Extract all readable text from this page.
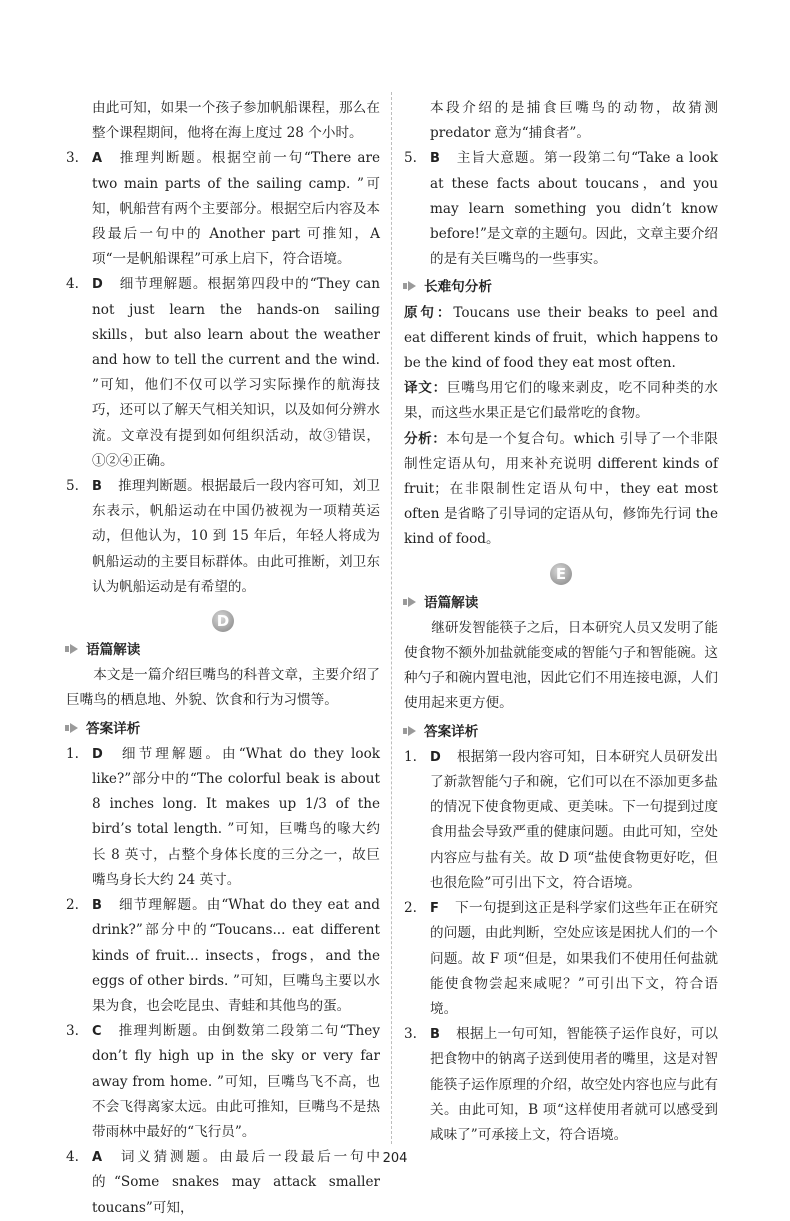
由此可知，如果一个孩子参加帆船课程，那么在整个课程期间，他将在海上度过 28 个小时。

3. A 推理判断题。根据空前一句“There are two main parts of the sailing camp. ”可知，帆船营有两个主要部分。根据空后内容及本段最后一句中的 Another part 可推知，A 项“一是帆船课程”可承上启下，符合语境。
4. D 细节理解题。根据第四段中的“They can not just learn the hands-on sailing skills，but also learn about the weather and how to tell the current and the wind. ”可知，他们不仅可以学习实际操作的航海技巧，还可以了解天气相关知识，以及如何分辨水流。文章没有提到如何组织活动，故③错误，①②④正确。
5. B 推理判断题。根据最后一段内容可知，刘卫东表示，帆船运动在中国仍被视为一项精英运动，但他认为，10 到 15 年后，年轻人将成为帆船运动的主要目标群体。由此可推断，刘卫东认为帆船运动是有希望的。
D
语篇解读

本文是一篇介绍巨嘴鸟的科普文章，主要介绍了巨嘴鸟的栖息地、外貌、饮食和行为习惯等。

答案详析
1. D 细节理解题。由“What do they look like?”部分中的“The colorful beak is about 8 inches long. It makes up 1/3 of the bird’s total length. ”可知，巨嘴鸟的喙大约长 8 英寸，占整个身体长度的三分之一，故巨嘴鸟身长大约 24 英寸。
2. B 细节理解题。由“What do they eat and drink?”部分中的“Toucans... eat different kinds of fruit... insects，frogs，and the eggs of other birds. ”可知，巨嘴鸟主要以水果为食，也会吃昆虫、青蛙和其他鸟的蛋。
3. C 推理判断题。由倒数第二段第二句“They don’t fly high up in the sky or very far away from home. ”可知，巨嘴鸟飞不高，也不会飞得离家太远。由此可推知，巨嘴鸟不是热带雨林中最好的“飞行员”。
4. A 词义猜测题。由最后一段最后一句中的“Some snakes may attack smaller toucans”可知，

本段介绍的是捕食巨嘴鸟的动物，故猜测 predator 意为“捕食者”。

5. B 主旨大意题。第一段第二句“Take a look at these facts about toucans，and you may learn something you didn’t know before!”是文章的主题句。因此，文章主要介绍的是有关巨嘴鸟的一些事实。
长难句分析

原句：Toucans use their beaks to peel and eat different kinds of fruit，which happens to be the kind of food they eat most often.

译文：巨嘴鸟用它们的喙来剥皮，吃不同种类的水果，而这些水果正是它们最常吃的食物。

分析：本句是一个复合句。which 引导了一个非限制性定语从句，用来补充说明 different kinds of fruit；在非限制性定语从句中，they eat most often 是省略了引导词的定语从句，修饰先行词 the kind of food。

E
语篇解读

继研发智能筷子之后，日本研究人员又发明了能使食物不额外加盐就能变咸的智能勺子和智能碗。这种勺子和碗内置电池，因此它们不用连接电源，人们使用起来更方便。

答案详析
1. D 根据第一段内容可知，日本研究人员研发出了新款智能勺子和碗，它们可以在不添加更多盐的情况下使食物更咸、更美味。下一句提到过度食用盐会导致严重的健康问题。由此可知，空处内容应与盐有关。故 D 项“盐使食物更好吃，但也很危险”可引出下文，符合语境。
2. F 下一句提到这正是科学家们这些年正在研究的问题，由此判断，空处应该是困扰人们的一个问题。故 F 项“但是，如果我们不使用任何盐就能使食物尝起来咸呢？”可引出下文，符合语境。
3. B 根据上一句可知，智能筷子运作良好，可以把食物中的钠离子送到使用者的嘴里，这是对智能筷子运作原理的介绍，故空处内容也应与此有关。由此可知，B 项“这样使用者就可以感受到咸味了”可承接上文，符合语境。
204
